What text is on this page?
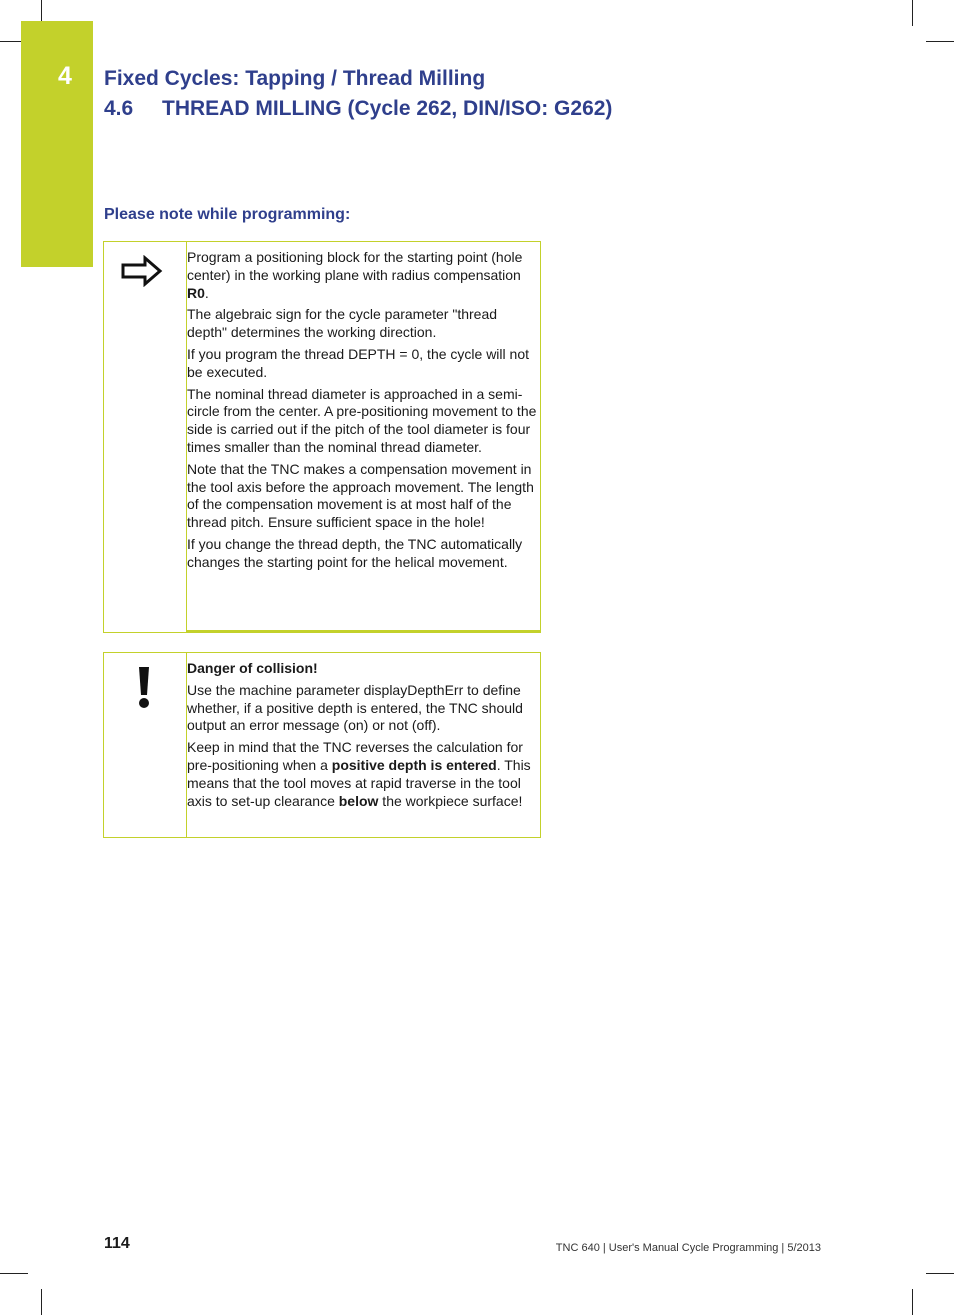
4 Fixed Cycles: Tapping / Thread Milling
4.6 THREAD MILLING (Cycle 262, DIN/ISO: G262)
Please note while programming:

Program a positioning block for the starting point (hole center) in the working plane with radius compensation R0.

The algebraic sign for the cycle parameter "thread depth" determines the working direction.

If you program the thread DEPTH = 0, the cycle will not be executed.

The nominal thread diameter is approached in a semi-circle from the center. A pre-positioning movement to the side is carried out if the pitch of the tool diameter is four times smaller than the nominal thread diameter.

Note that the TNC makes a compensation movement in the tool axis before the approach movement. The length of the compensation movement is at most half of the thread pitch. Ensure sufficient space in the hole!

If you change the thread depth, the TNC automatically changes the starting point for the helical movement.

Danger of collision!

Use the machine parameter displayDepthErr to define whether, if a positive depth is entered, the TNC should output an error message (on) or not (off).

Keep in mind that the TNC reverses the calculation for pre-positioning when a positive depth is entered. This means that the tool moves at rapid traverse in the tool axis to set-up clearance below the workpiece surface!

114	TNC 640 | User's Manual Cycle Programming | 5/2013
